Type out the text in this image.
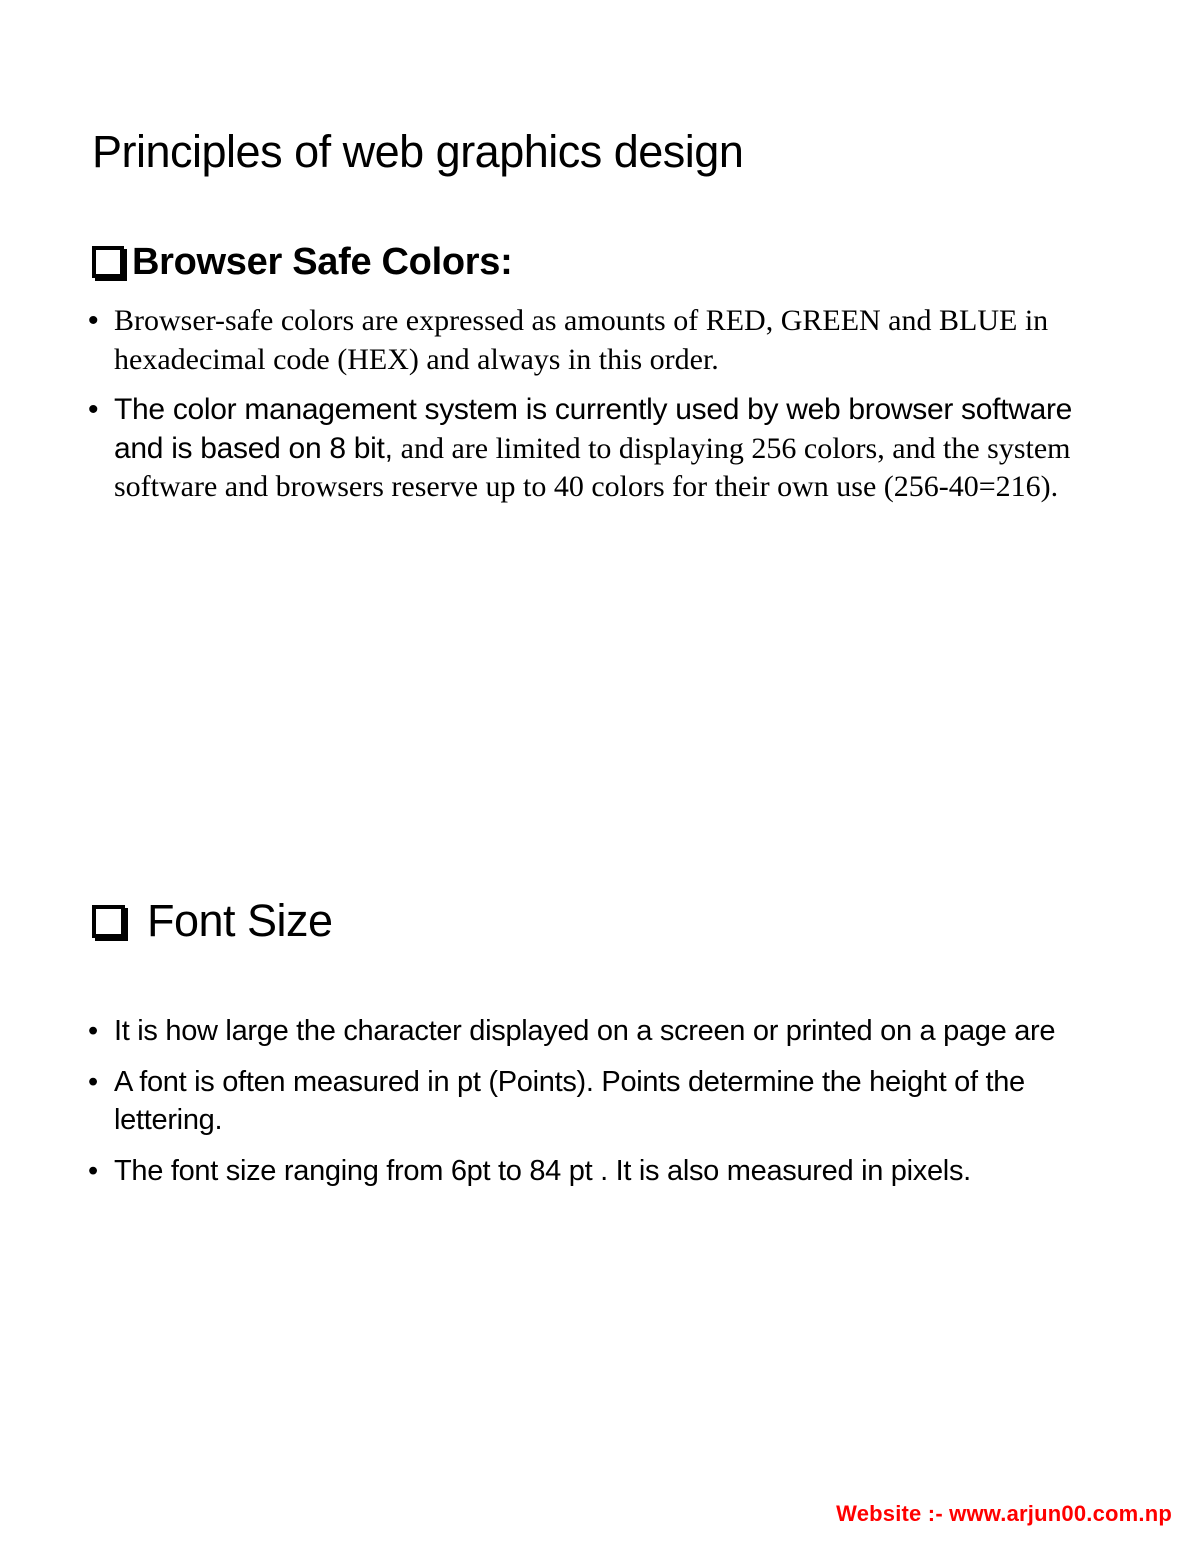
Principles of web graphics design
Browser Safe Colors:
• Browser-safe colors are expressed as amounts of RED, GREEN and BLUE in hexadecimal code (HEX) and always in this order.
• The color management system is currently used by web browser software and is based on 8 bit, and are limited to displaying 256 colors, and the system software and browsers reserve up to 40 colors for their own use (256-40=216).
Font Size
• It is how large the character displayed on a screen or printed on a page are
• A font is often measured in pt (Points). Points determine the height of the lettering.
• The font size ranging from 6pt to 84 pt . It is also measured in pixels.

Website :- www.arjun00.com.np
